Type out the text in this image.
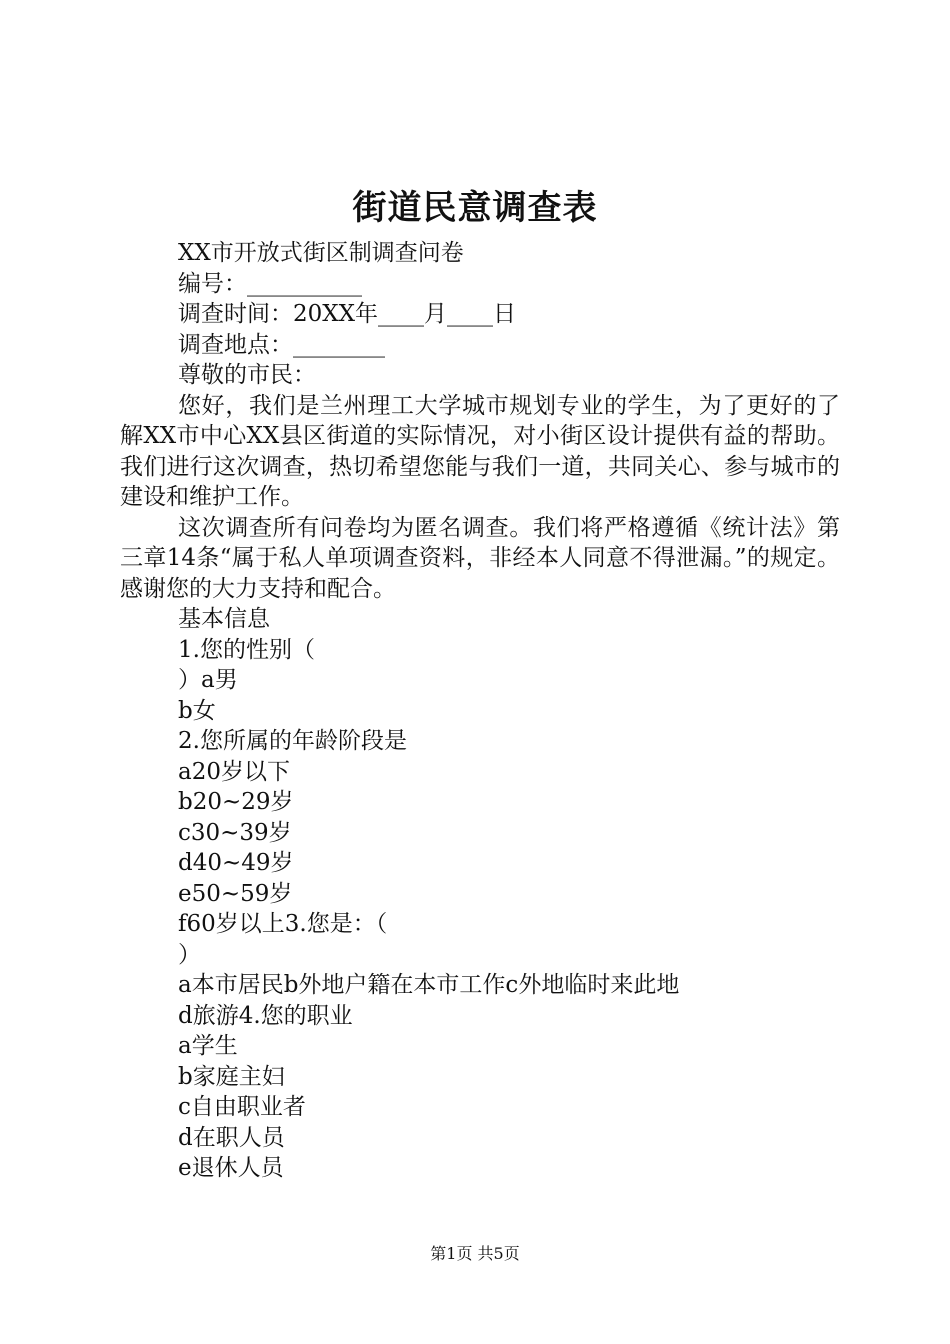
街道民意调查表
XX市开放式街区制调查问卷
编号：__________
调查时间：20XX年____月____日
调查地点：________
尊敬的市民：

您好，我们是兰州理工大学城市规划专业的学生，为了更好的了解XX市中心XX县区街道的实际情况，对小街区设计提供有益的帮助。我们进行这次调查，热切希望您能与我们一道，共同关心、参与城市的建设和维护工作。

这次调查所有问卷均为匿名调查。我们将严格遵循《统计法》第三章14条“属于私人单项调查资料，非经本人同意不得泄漏。”的规定。感谢您的大力支持和配合。

基本信息
1.您的性别（
）a男
b女
2.您所属的年龄阶段是
a20岁以下
b20~29岁
c30~39岁
d40~49岁
e50~59岁
f60岁以上3.您是：（
）
a本市居民b外地户籍在本市工作c外地临时来此地
d旅游4.您的职业
a学生
b家庭主妇
c自由职业者
d在职人员
e退休人员
第1页 共5页
